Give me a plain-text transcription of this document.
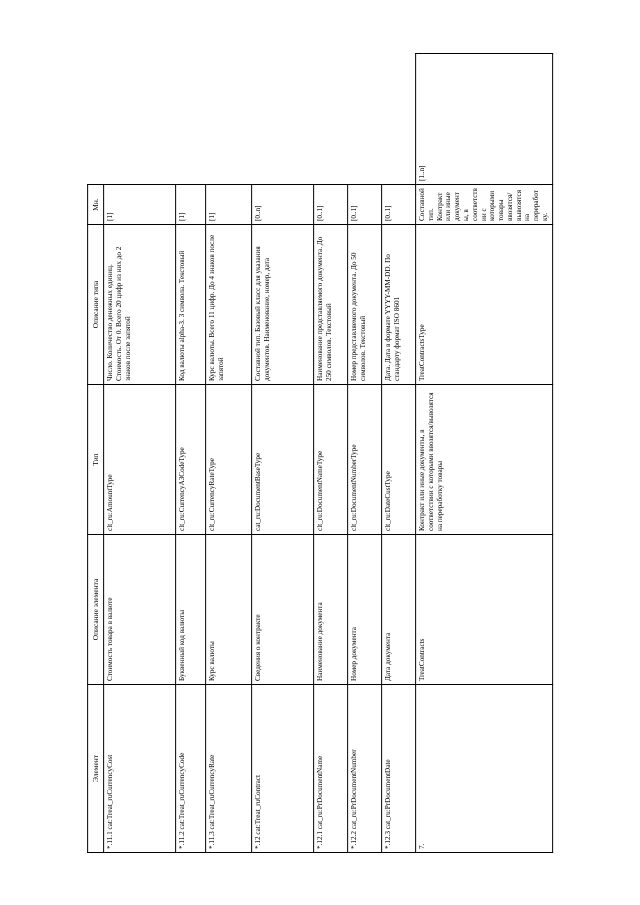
Элемент	Описание элемента	Тип	Описание типа	Мн.	
*.11.1 cat:Treat_ruCurrencyCost	Стоимость товара в валюте	clt_ru:AmountType	Число. Количество денежных единиц. Стоимость. От 0. Всего 20 цифр из них до 2 знаков после запятой	[1]	
*.11.2 cat:Treat_ruCurrencyCode	Буквенный код валюты	clt_ru:CurrencyA3CodeType	Код валюты alpha-3. 3 символа. Текстовый	[1]	
*.11.3 cat:Treat_ruCurrencyRate	Курс валюты	clt_ru:CurrencyRateType	Курс валюты. Всего 11 цифр. До 4 знаков после запятой	[1]	
*.12 cat:Treat_ruContract	Сведения о контракте	cat_ru:DocumentBaseType	Составной тип. Базовый класс для указания документов. Наименование, номер, дата	[0..n]	
*.12.1 cat_ru:PrDocumentName	Наименование документа	clt_ru:DocumentNameType	Наименование представляемого документа. До 250 символов. Текстовый	[0..1]	
*.12.2 cat_ru:PrDocumentNumber	Номер документа	clt_ru:DocumentNumberType	Номер представляемого документа. До 50 символов. Текстовый	[0..1]	
*.12.3 cat_ru:PrDocumentDate	Дата документа	clt_ru:DateCustType	Дата. Дата в формате YYYY-MM-DD. По стандарту формат ISO 8601	[0..1]	
7.	TreatContracts	Контракт или иные документы, в соответствии с которыми ввозятся/вывозятся на переработку товары	TreatContractsType	Составной тип. Контракт или иные документы, в соответствии с которыми товары ввозятся/вывозятся на переработку.	[1..n]
